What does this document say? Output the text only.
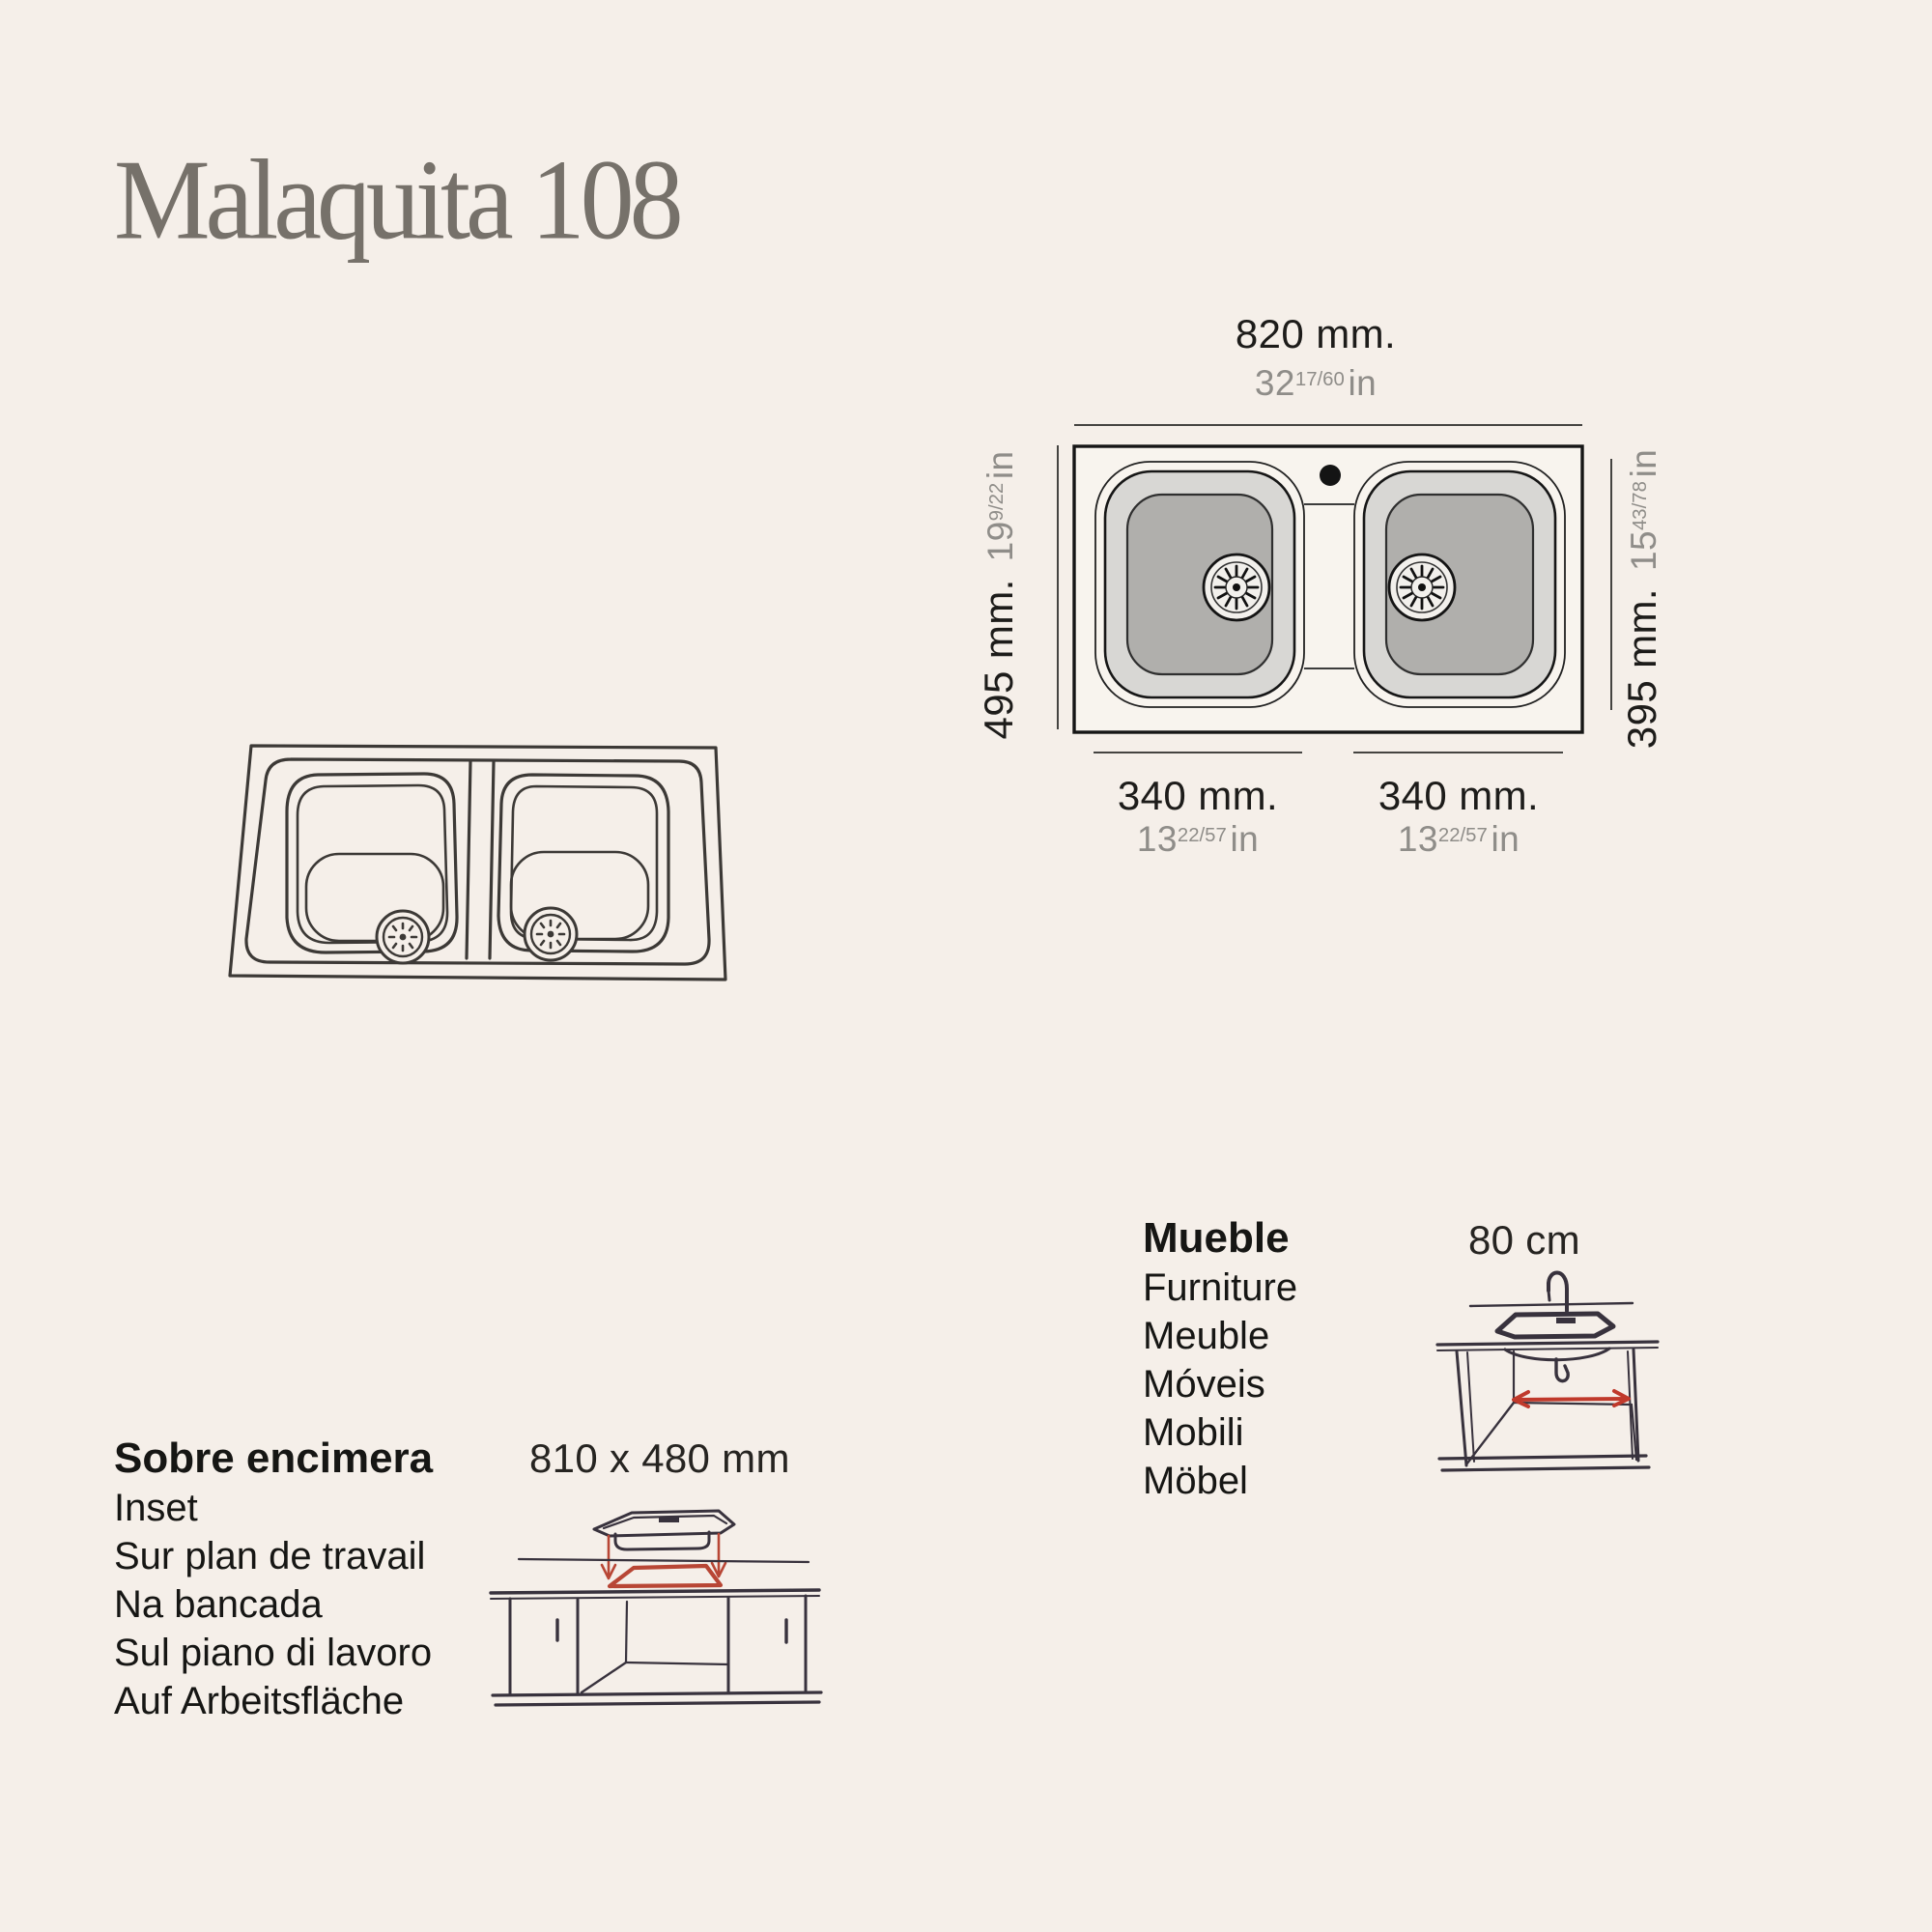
Malaquita 108
820 mm.
$32^{17/60}in$
495 mm.
$19^{9/22}in$
395 mm.
$15^{43/78}in$
340 mm.
$13^{22/57}in$
340 mm.
$13^{22/57}in$
Sobre encimera
Inset
Sur plan de travail
Na bancada
Sul piano di lavoro
Auf Arbeitsfläche
810 x 480 mm
Mueble
Furniture
Meuble
Móveis
Mobili
Möbel
80 cm
